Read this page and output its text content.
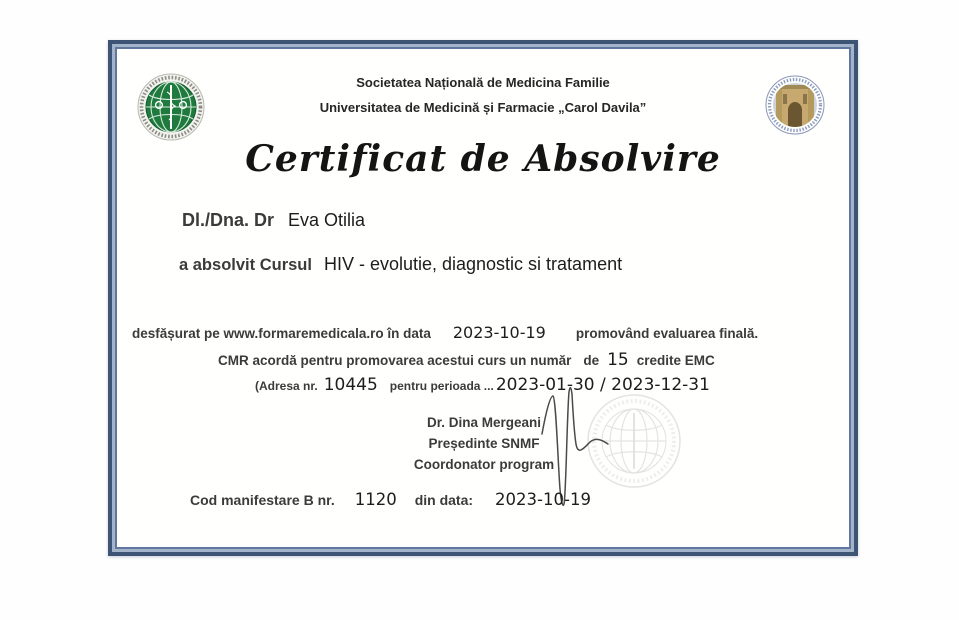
Societatea Națională de Medicina Familie
Universitatea de Medicină și Farmacie „Carol Davila”
Certificat de Absolvire
Dl./Dna. Dr Eva Otilia
a absolvit Cursul HIV - evolutie, diagnostic si tratament
desfășurat pe www.formaremedicala.ro în data 2023-10-19 promovând evaluarea finală.
CMR acordă pentru promovarea acestui curs un număr de 15 credite EMC
(Adresa nr. 10445 pentru perioada ... 2023-01-30 / 2023-12-31
Dr. Dina Mergeani
Președinte SNMF
Coordonator program
Cod manifestare B nr. 1120 din data: 2023-10-19
